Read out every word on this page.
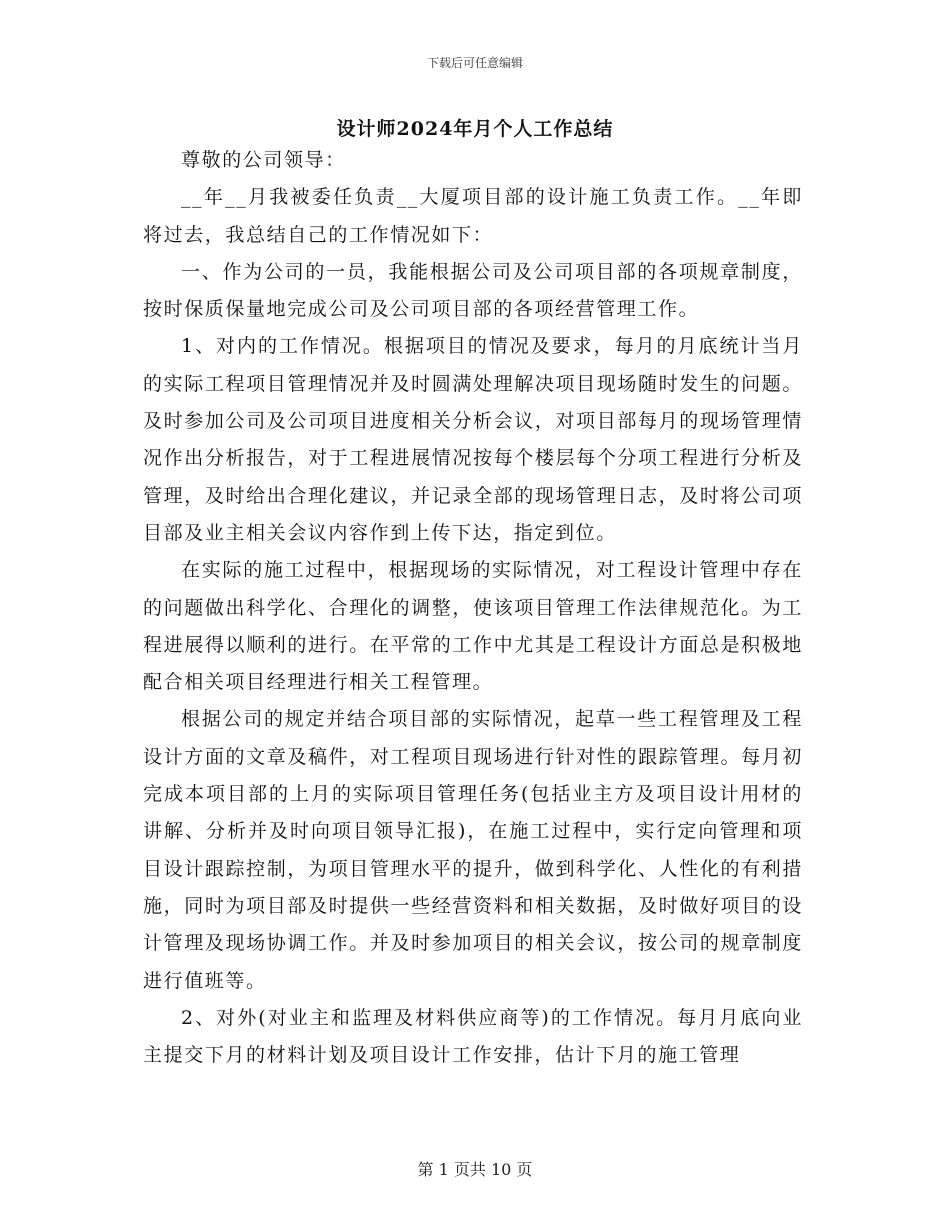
下载后可任意编辑
设计师2024年月个人工作总结

尊敬的公司领导：

__年__月我被委任负责__大厦项目部的设计施工负责工作。__年即将过去，我总结自己的工作情况如下：

一、作为公司的一员，我能根据公司及公司项目部的各项规章制度，按时保质保量地完成公司及公司项目部的各项经营管理工作。

1、对内的工作情况。根据项目的情况及要求，每月的月底统计当月的实际工程项目管理情况并及时圆满处理解决项目现场随时发生的问题。及时参加公司及公司项目进度相关分析会议，对项目部每月的现场管理情况作出分析报告，对于工程进展情况按每个楼层每个分项工程进行分析及管理，及时给出合理化建议，并记录全部的现场管理日志，及时将公司项目部及业主相关会议内容作到上传下达，指定到位。

在实际的施工过程中，根据现场的实际情况，对工程设计管理中存在的问题做出科学化、合理化的调整，使该项目管理工作法律规范化。为工程进展得以顺利的进行。在平常的工作中尤其是工程设计方面总是积极地配合相关项目经理进行相关工程管理。

根据公司的规定并结合项目部的实际情况，起草一些工程管理及工程设计方面的文章及稿件，对工程项目现场进行针对性的跟踪管理。每月初完成本项目部的上月的实际项目管理任务(包括业主方及项目设计用材的讲解、分析并及时向项目领导汇报)，在施工过程中，实行定向管理和项目设计跟踪控制，为项目管理水平的提升，做到科学化、人性化的有利措施，同时为项目部及时提供一些经营资料和相关数据，及时做好项目的设计管理及现场协调工作。并及时参加项目的相关会议，按公司的规章制度进行值班等。

2、对外(对业主和监理及材料供应商等)的工作情况。每月月底向业主提交下月的材料计划及项目设计工作安排，估计下月的施工管理

第 1 页共 10 页
